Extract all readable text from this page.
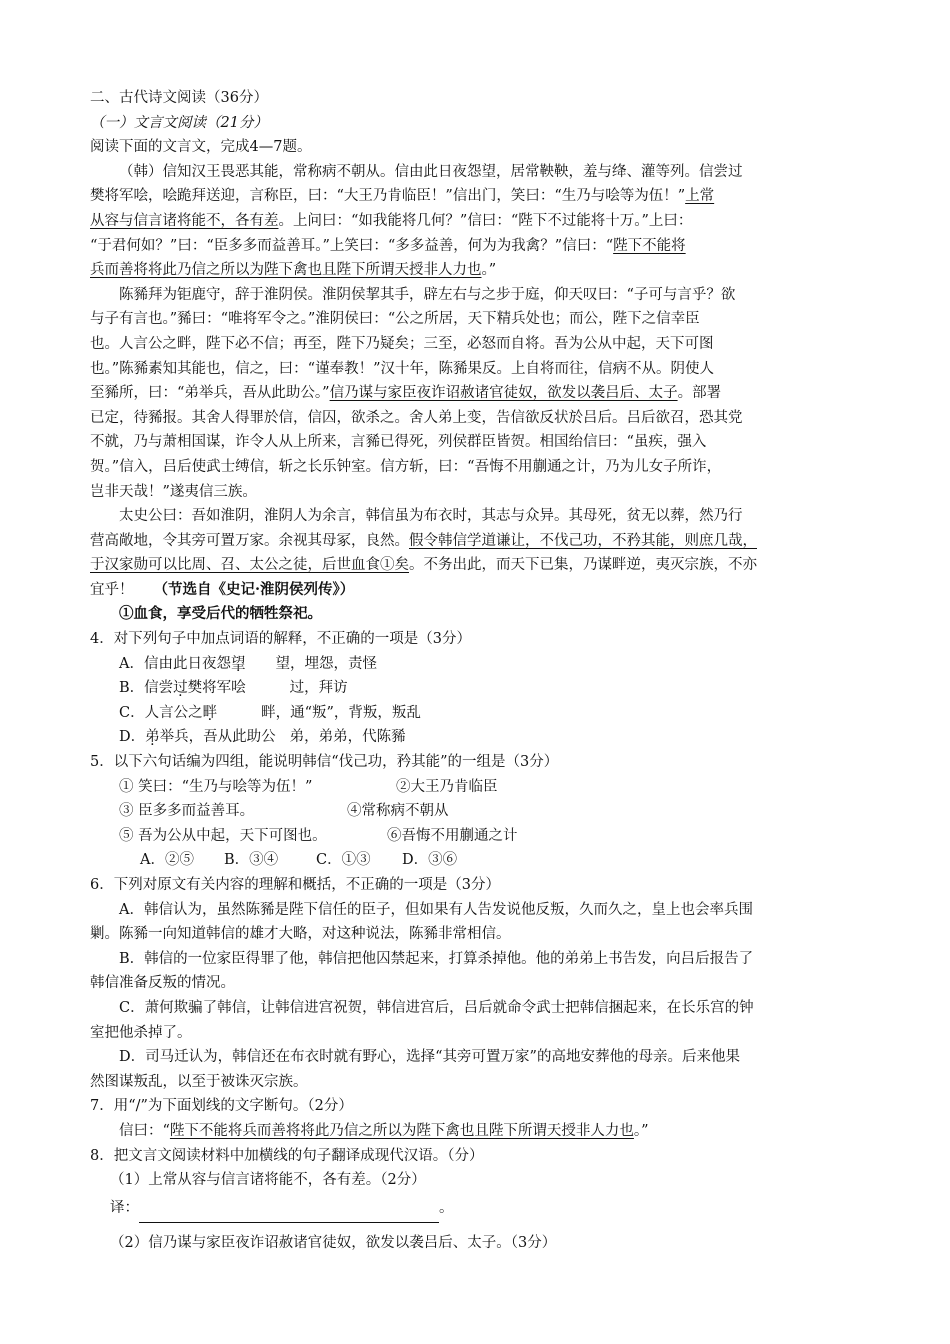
二、古代诗文阅读（36分）
（一）文言文阅读（21分）
阅读下面的文言文，完成4—7题。
（韩）信知汉王畏恶其能，常称病不朝从。信由此日夜怨望，居常鞅鞅，羞与绛、灌等列。信尝过
樊将军哙，哙跪拜送迎，言称臣，曰：“大王乃肯临臣！”信出门，笑曰：“生乃与哙等为伍！”上常
从容与信言诸将能不，各有差。上问曰：“如我能将几何？”信曰：“陛下不过能将十万。”上曰：
“于君何如？”曰：“臣多多而益善耳。”上笑曰：“多多益善，何为为我禽？”信曰：“陛下不能将
兵而善将将此乃信之所以为陛下禽也且陛下所谓天授非人力也。”
陈豨拜为钜鹿守，辞于淮阴侯。淮阴侯挈其手，辟左右与之步于庭，仰天叹曰：“子可与言乎？欲
与子有言也。”豨曰：“唯将军令之。”淮阴侯曰：“公之所居，天下精兵处也；而公，陛下之信幸臣
也。人言公之畔，陛下必不信；再至，陛下乃疑矣；三至，必怒而自将。吾为公从中起，天下可图
也。”陈豨素知其能也，信之，曰：“谨奉教！”汉十年，陈豨果反。上自将而往，信病不从。阴使人
至豨所，曰：“弟举兵，吾从此助公。”信乃谋与家臣夜诈诏赦诸官徒奴，欲发以袭吕后、太子。部署
已定，待豨报。其舍人得罪於信，信囚，欲杀之。舍人弟上变，告信欲反状於吕后。吕后欲召，恐其党
不就，乃与萧相国谋，诈令人从上所来，言豨已得死，列侯群臣皆贺。相国绐信曰：“虽疾，强入
贺。”信入，吕后使武士缚信，斩之长乐钟室。信方斩，曰：“吾悔不用蒯通之计，乃为儿女子所诈，
岂非天哉！”遂夷信三族。
太史公曰：吾如淮阴，淮阴人为余言，韩信虽为布衣时，其志与众异。其母死，贫无以葬，然乃行
营高敞地，令其旁可置万家。余视其母冢，良然。假令韩信学道谦让，不伐己功，不矜其能，则庶几哉，
于汉家勋可以比周、召、太公之徒，后世血食①矣。不务出此，而天下已集，乃谋畔逆，夷灭宗族，不亦
宜乎！ （节选自《史记·淮阴侯列传》）
①血食，享受后代的牺牲祭祀。
4．对下列句子中加点词语的解释，不正确的一项是（3分）
A．信由此日夜怨望 望，埋怨，责怪
B．信尝过樊将军哙	过，拜访
C．人言公之畔	畔，通“叛”，背叛，叛乱
D．弟举兵，吾从此助公 弟，弟弟，代陈豨
5．以下六句话编为四组，能说明韩信“伐己功，矜其能”的一组是（3分）
① 笑曰：“生乃与哙等为伍！”	②大王乃肯临臣
③ 臣多多而益善耳。	④常称病不朝从
⑤ 吾为公从中起，天下可图也。	⑥吾悔不用蒯通之计
A．②⑤ B．③④	C．①③ D．③⑥
6．下列对原文有关内容的理解和概括，不正确的一项是（3分）
A．韩信认为，虽然陈豨是陛下信任的臣子，但如果有人告发说他反叛，久而久之，皇上也会率兵围
剿。陈豨一向知道韩信的雄才大略，对这种说法，陈豨非常相信。
B．韩信的一位家臣得罪了他，韩信把他囚禁起来，打算杀掉他。他的弟弟上书告发，向吕后报告了
韩信准备反叛的情况。
C．萧何欺骗了韩信，让韩信进宫祝贺，韩信进宫后，吕后就命令武士把韩信捆起来，在长乐宫的钟
室把他杀掉了。
D．司马迁认为，韩信还在布衣时就有野心，选择“其旁可置万家”的高地安葬他的母亲。后来他果
然图谋叛乱，以至于被诛灭宗族。
7．用“/”为下面划线的文字断句。（2分）
信曰：“陛下不能将兵而善将将此乃信之所以为陛下禽也且陛下所谓天授非人力也。”
8．把文言文阅读材料中加横线的句子翻译成现代汉语。（分）
（1）上常从容与信言诸将能不，各有差。（2分）
译：	。
（2）信乃谋与家臣夜诈诏赦诸官徒奴，欲发以袭吕后、太子。（3分）
